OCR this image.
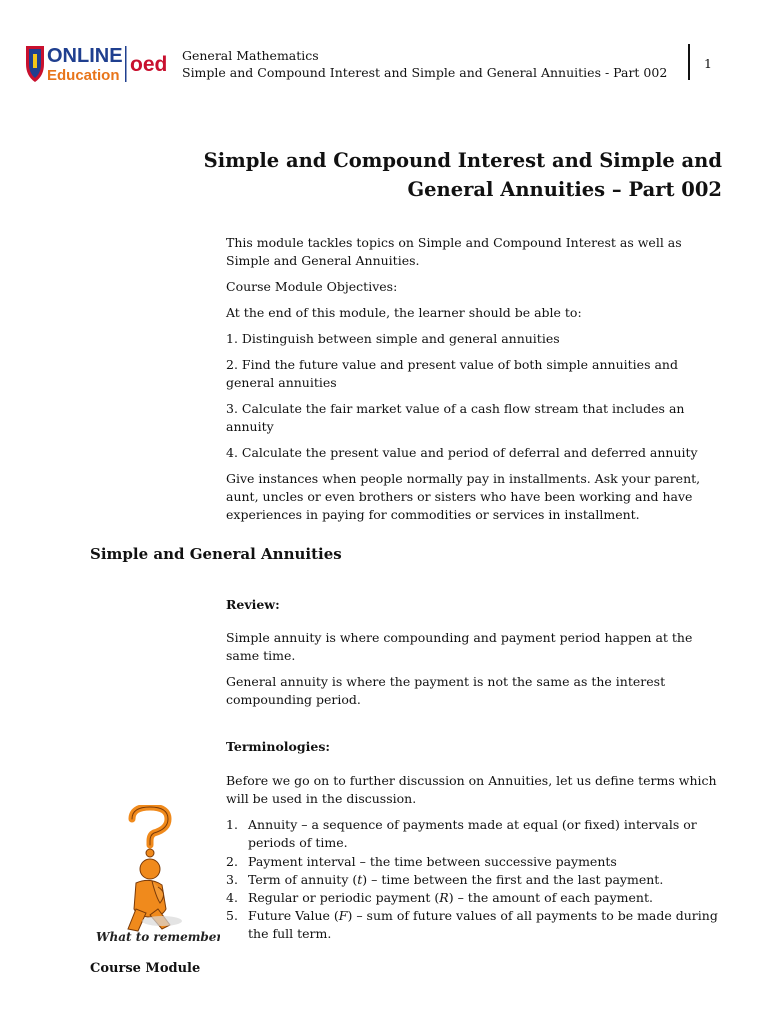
ONLINE
Education oed General Mathematics
Simple and Compound Interest and Simple and General Annuities - Part 002
1
Simple and Compound Interest and Simple and
General Annuities – Part 002
This module tackles topics on Simple and Compound Interest as well as Simple and General Annuities.
Course Module Objectives:
At the end of this module, the learner should be able to:
1. Distinguish between simple and general annuities
2. Find the future value and present value of both simple annuities and general annuities
3. Calculate the fair market value of a cash flow stream that includes an annuity
4. Calculate the present value and period of deferral and deferred annuity
Give instances when people normally pay in installments. Ask your parent, aunt, uncles or even brothers or sisters who have been working and have experiences in paying for commodities or services in installment.
Simple and General Annuities
Review:
Simple annuity is where compounding and payment period happen at the same time.
General annuity is where the payment is not the same as the interest compounding period.
Terminologies:
Before we go on to further discussion on Annuities, let us define terms which will be used in the discussion.
1. Annuity – a sequence of payments made at equal (or fixed) intervals or periods of time.
2. Payment interval – the time between successive payments
3. Term of annuity (t) – time between the first and the last payment.
4. Regular or periodic payment (R) – the amount of each payment.
5. Future Value (F) – sum of future values of all payments to be made during the full term.
What to remember?
Course Module
